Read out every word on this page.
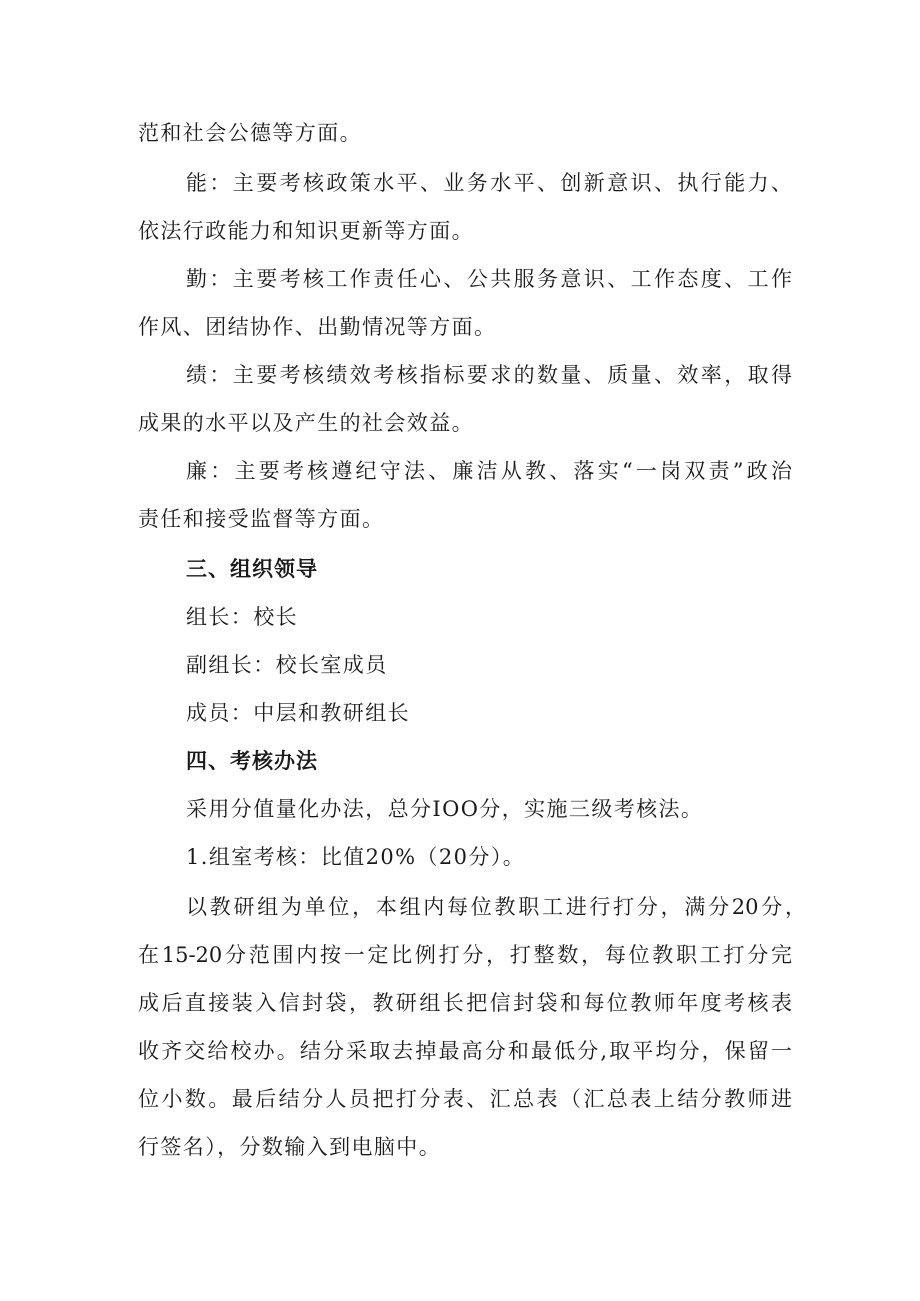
范和社会公德等方面。
能：主要考核政策水平、业务水平、创新意识、执行能力、
依法行政能力和知识更新等方面。
勤：主要考核工作责任心、公共服务意识、工作态度、工作
作风、团结协作、出勤情况等方面。
绩：主要考核绩效考核指标要求的数量、质量、效率，取得
成果的水平以及产生的社会效益。
廉：主要考核遵纪守法、廉洁从教、落实“一岗双责”政治
责任和接受监督等方面。
三、组织领导
组长：校长
副组长：校长室成员
成员：中层和教研组长
四、考核办法
采用分值量化办法，总分IOO分，实施三级考核法。
1.组室考核：比值20%（20分）。
以教研组为单位，本组内每位教职工进行打分，满分20分，
在15-20分范围内按一定比例打分，打整数，每位教职工打分完
成后直接装入信封袋，教研组长把信封袋和每位教师年度考核表
收齐交给校办。结分采取去掉最高分和最低分,取平均分，保留一
位小数。最后结分人员把打分表、汇总表（汇总表上结分教师进
行签名），分数输入到电脑中。
